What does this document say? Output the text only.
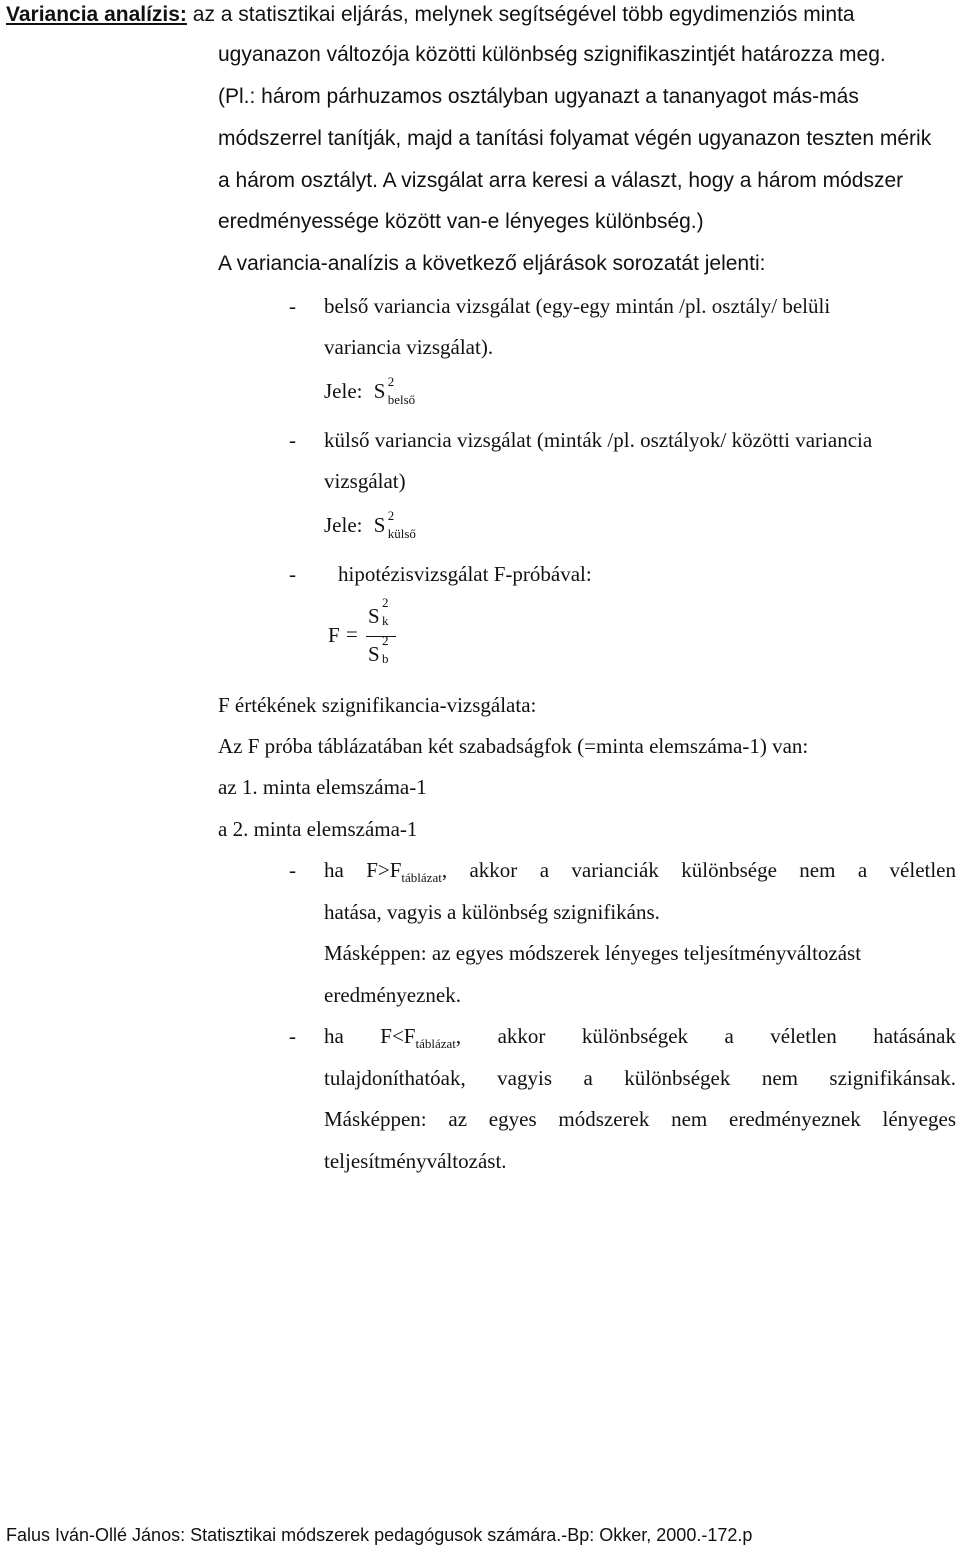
Variancia analízis: az a statisztikai eljárás, melynek segítségével több egydimenziós minta
ugyanazon változója közötti különbség szignifikaszintjét határozza meg.
(Pl.: három párhuzamos osztályban ugyanazt a tananyagot más-más
módszerrel tanítják, majd a tanítási folyamat végén ugyanazon teszten mérik
a három osztályt. A vizsgálat arra keresi a választ, hogy a három módszer
eredményessége között van-e lényeges különbség.)
A variancia-analízis a következő eljárások sorozatát jelenti:
- belső variancia vizsgálat (egy-egy mintán /pl. osztály/ belüli
variancia vizsgálat).
Jele: S 2
belső
- külső variancia vizsgálat (minták /pl. osztályok/ közötti variancia
vizsgálat)
Jele: S 2
külső
- hipotézisvizsgálat F-próbával:
F =
S
2
k
S
2
b
F értékének szignifikancia-vizsgálata:
Az F próba táblázatában két szabadságfok (=minta elemszáma-1) van:
az 1. minta elemszáma-1
a 2. minta elemszáma-1
- ha $F>F_{táblázat}$, akkor a varianciák különbsége nem a véletlen
hatása, vagyis a különbség szignifikáns.
Másképpen: az egyes módszerek lényeges teljesítményváltozást
eredményeznek.
- ha $F<F_{táblázat}$, akkor különbségek a véletlen hatásának
tulajdoníthatóak, vagyis a különbségek nem szignifikánsak.
Másképpen: az egyes módszerek nem eredményeznek lényeges
teljesítményváltozást.
Falus Iván-Ollé János: Statisztikai módszerek pedagógusok számára.-Bp: Okker, 2000.-172.p
